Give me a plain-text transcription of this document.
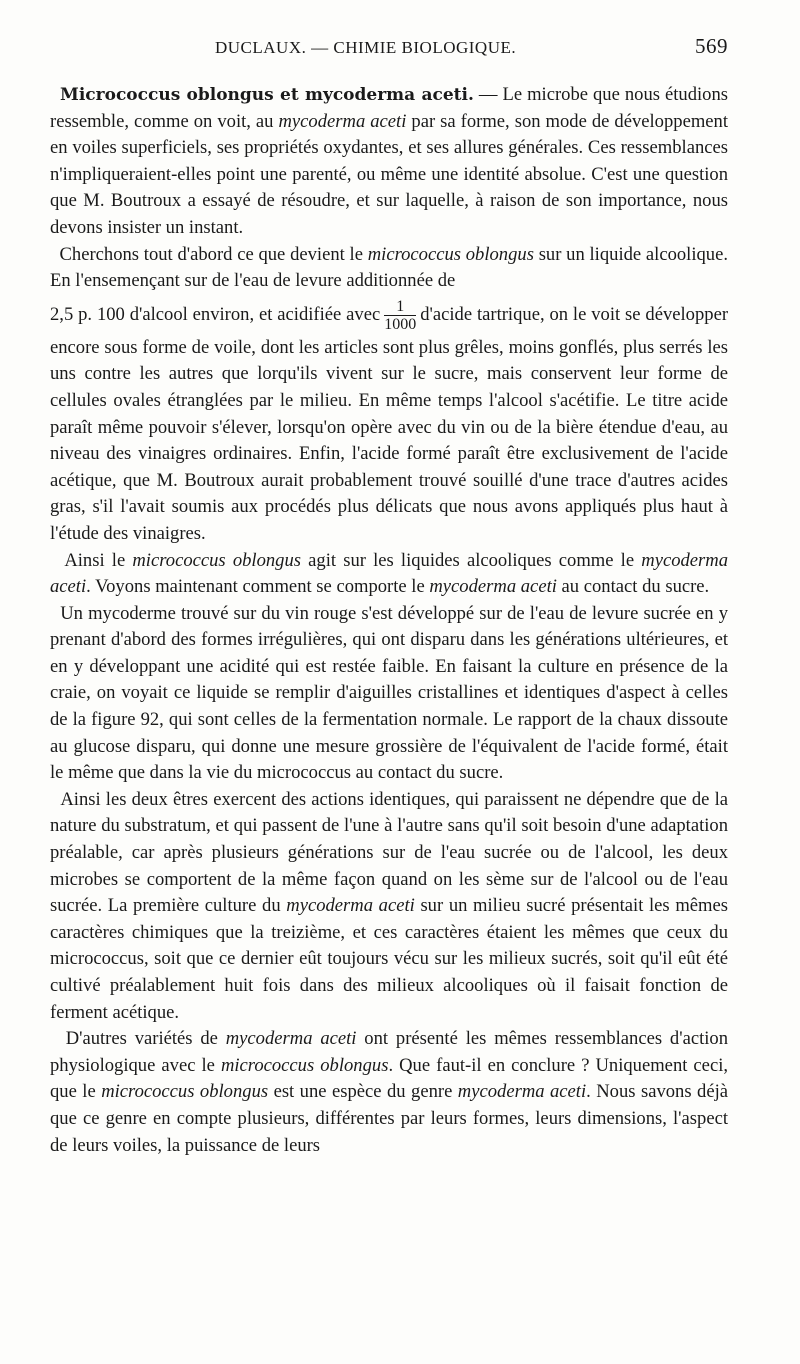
DUCLAUX. — CHIMIE BIOLOGIQUE.	569

Micrococcus oblongus et mycoderma aceti. — Le microbe que nous étudions ressemble, comme on voit, au mycoderma aceti par sa forme, son mode de développement en voiles superficiels, ses propriétés oxydantes, et ses allures générales. Ces ressemblances n'impliqueraient-elles point une parenté, ou même une identité absolue. C'est une question que M. Boutroux a essayé de résoudre, et sur laquelle, à raison de son importance, nous devons insister un instant.

Cherchons tout d'abord ce que devient le micrococcus oblongus sur un liquide alcoolique. En l'ensemençant sur de l'eau de levure additionnée de
2,5 p. 100 d'alcool environ, et acidifiée avec $\frac{1}{1000}$ d'acide tartrique, on le voit se développer encore sous forme de voile, dont les articles sont plus grêles, moins gonflés, plus serrés les uns contre les autres que lorqu'ils vivent sur le sucre, mais conservent leur forme de cellules ovales étranglées par le milieu. En même temps l'alcool s'acétifie. Le titre acide paraît même pouvoir s'élever, lorsqu'on opère avec du vin ou de la bière étendue d'eau, au niveau des vinaigres ordinaires. Enfin, l'acide formé paraît être exclusivement de l'acide acétique, que M. Boutroux aurait probablement trouvé souillé d'une trace d'autres acides gras, s'il l'avait soumis aux procédés plus délicats que nous avons appliqués plus haut à l'étude des vinaigres.

Ainsi le micrococcus oblongus agit sur les liquides alcooliques comme le mycoderma aceti. Voyons maintenant comment se comporte le mycoderma aceti au contact du sucre.

Un mycoderme trouvé sur du vin rouge s'est développé sur de l'eau de levure sucrée en y prenant d'abord des formes irrégulières, qui ont disparu dans les générations ultérieures, et en y développant une acidité qui est restée faible. En faisant la culture en présence de la craie, on voyait ce liquide se remplir d'aiguilles cristallines et identiques d'aspect à celles de la figure 92, qui sont celles de la fermentation normale. Le rapport de la chaux dissoute au glucose disparu, qui donne une mesure grossière de l'équivalent de l'acide formé, était le même que dans la vie du micrococcus au contact du sucre.

Ainsi les deux êtres exercent des actions identiques, qui paraissent ne dépendre que de la nature du substratum, et qui passent de l'une à l'autre sans qu'il soit besoin d'une adaptation préalable, car après plusieurs générations sur de l'eau sucrée ou de l'alcool, les deux microbes se comportent de la même façon quand on les sème sur de l'alcool ou de l'eau sucrée. La première culture du mycoderma aceti sur un milieu sucré présentait les mêmes caractères chimiques que la treizième, et ces caractères étaient les mêmes que ceux du micrococcus, soit que ce dernier eût toujours vécu sur les milieux sucrés, soit qu'il eût été cultivé préalablement huit fois dans des milieux alcooliques où il faisait fonction de ferment acétique.

D'autres variétés de mycoderma aceti ont présenté les mêmes ressemblances d'action physiologique avec le micrococcus oblongus. Que faut-il en conclure ? Uniquement ceci, que le micrococcus oblongus est une espèce du genre mycoderma aceti. Nous savons déjà que ce genre en compte plusieurs, différentes par leurs formes, leurs dimensions, l'aspect de leurs voiles, la puissance de leurs
